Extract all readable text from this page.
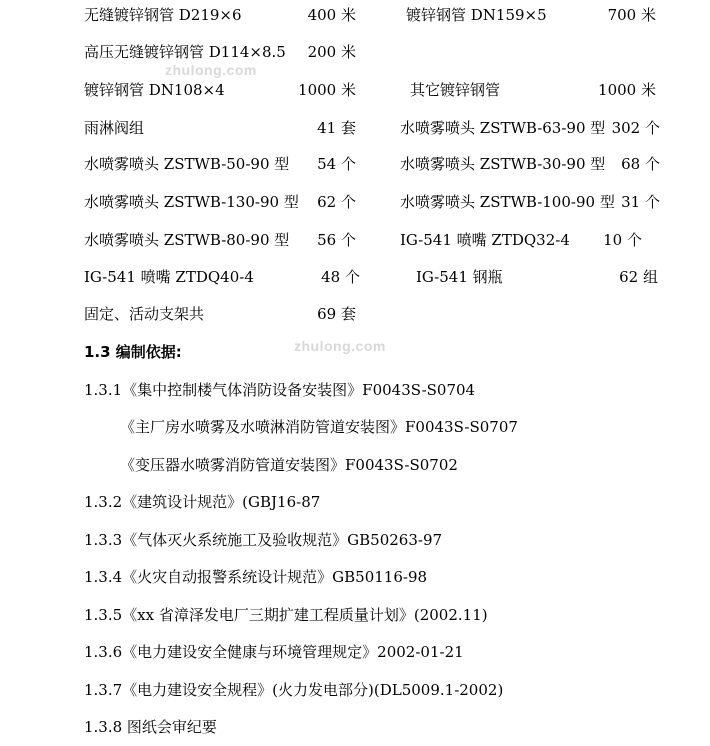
无缝镀锌钢管 D219×6	400 米	镀锌钢管 DN159×5	700 米
高压无缝镀锌钢管 D114×8.5	200 米
镀锌钢管 DN108×4	1000 米	其它镀锌钢管	1000 米
雨淋阀组	41 套	水喷雾喷头 ZSTWB-63-90 型 302 个
水喷雾喷头 ZSTWB-50-90 型	54 个	水喷雾喷头 ZSTWB-30-90 型	68 个
水喷雾喷头 ZSTWB-130-90 型	62 个	水喷雾喷头 ZSTWB-100-90 型 31 个
水喷雾喷头 ZSTWB-80-90 型	56 个	IG-541 喷嘴 ZTDQ32-4	10 个
IG-541 喷嘴 ZTDQ40-4	48 个	IG-541 钢瓶	62 组
固定、活动支架共	69 套
1.3 编制依据:
1.3.1《集中控制楼气体消防设备安装图》F0043S-S0704
《主厂房水喷雾及水喷淋消防管道安装图》F0043S-S0707
《变压器水喷雾消防管道安装图》F0043S-S0702
1.3.2《建筑设计规范》(GBJ16-87
1.3.3《气体灭火系统施工及验收规范》GB50263-97
1.3.4《火灾自动报警系统设计规范》GB50116-98
1.3.5《xx 省漳泽发电厂三期扩建工程质量计划》(2002.11)
1.3.6《电力建设安全健康与环境管理规定》2002-01-21
1.3.7《电力建设安全规程》(火力发电部分)(DL5009.1-2002)
1.3.8 图纸会审纪要
zhulong.com
zhulong.com
